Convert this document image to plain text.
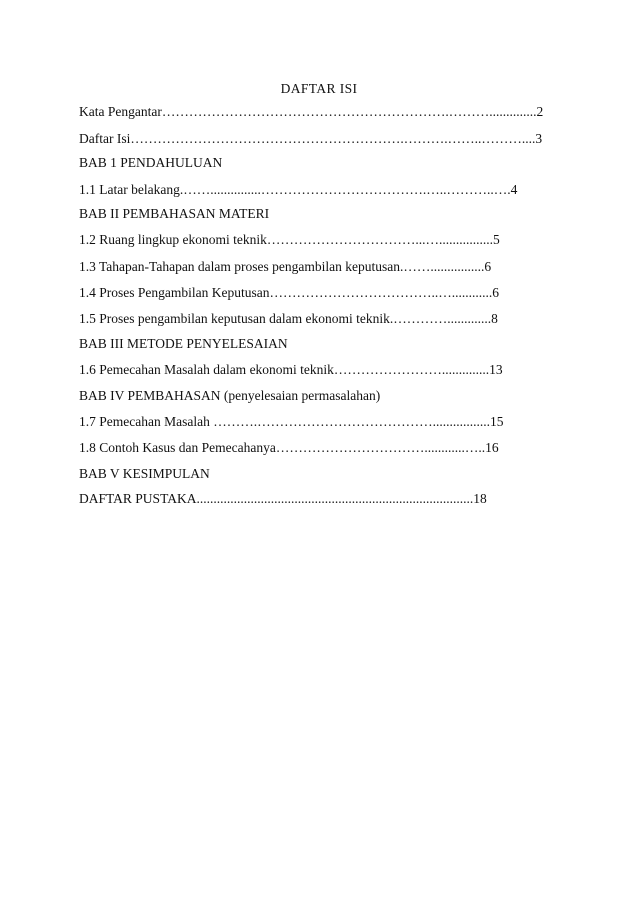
DAFTAR ISI
Kata Pengantar……………………………………………………….………..............2
Daftar Isi…………………………………………………….……….……..………....3
BAB 1 PENDAHULUAN
1.1 Latar belakang.……...............……………………………….…..………..….4
BAB II PEMBAHASAN MATERI
1.2 Ruang lingkup ekonomi teknik……………………………...…................5
1.3 Tahapan-Tahapan dalam proses pengambilan keputusan.……................6
1.4 Proses Pengambilan Keputusan………………………………..…............6
1.5 Proses pengambilan keputusan dalam ekonomi teknik.………….............8
BAB III METODE PENYELESAIAN
1.6 Pemecahan Masalah dalam ekonomi teknik……………………..............13
BAB IV PEMBAHASAN (penyelesaian permasalahan)
1.7 Pemecahan Masalah ……….………………………………….................15
1.8 Contoh Kasus dan Pemecahanya……………………………............…..16
BAB V KESIMPULAN
DAFTAR PUSTAKA..................................................................................18
